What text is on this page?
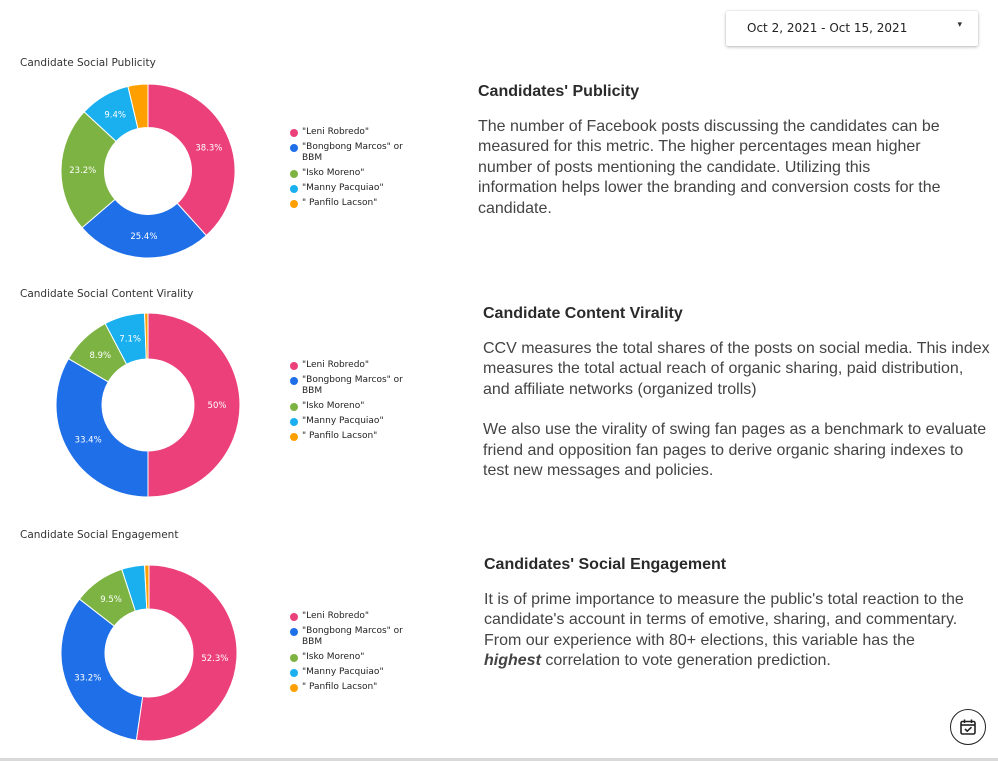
Oct 2, 2021 - Oct 15, 2021	▾
Candidate Social Publicity
38.3%
25.4%
23.2%
9.4%
"Leni Robredo"
"Bongbong Marcos" or BBM
"Isko Moreno"
"Manny Pacquiao"
" Panfilo Lacson"
Candidate Social Content Virality
50%
33.4%
8.9%
7.1%
"Leni Robredo"
"Bongbong Marcos" or BBM
"Isko Moreno"
"Manny Pacquiao"
" Panfilo Lacson"
Candidate Social Engagement
52.3%
33.2%
9.5%
"Leni Robredo"
"Bongbong Marcos" or BBM
"Isko Moreno"
"Manny Pacquiao"
" Panfilo Lacson"
Candidates' Publicity

The number of Facebook posts discussing the candidates can be measured for this metric. The higher percentages mean higher number of posts mentioning the candidate. Utilizing this information helps lower the branding and conversion costs for the candidate.

Candidate Content Virality

CCV measures the total shares of the posts on social media. This index measures the total actual reach of organic sharing, paid distribution, and affiliate networks (organized trolls)

We also use the virality of swing fan pages as a benchmark to evaluate friend and opposition fan pages to derive organic sharing indexes to test new messages and policies.

Candidates' Social Engagement

It is of prime importance to measure the public's total reaction to the candidate's account in terms of emotive, sharing, and commentary. From our experience with 80+ elections, this variable has the highest correlation to vote generation prediction.
